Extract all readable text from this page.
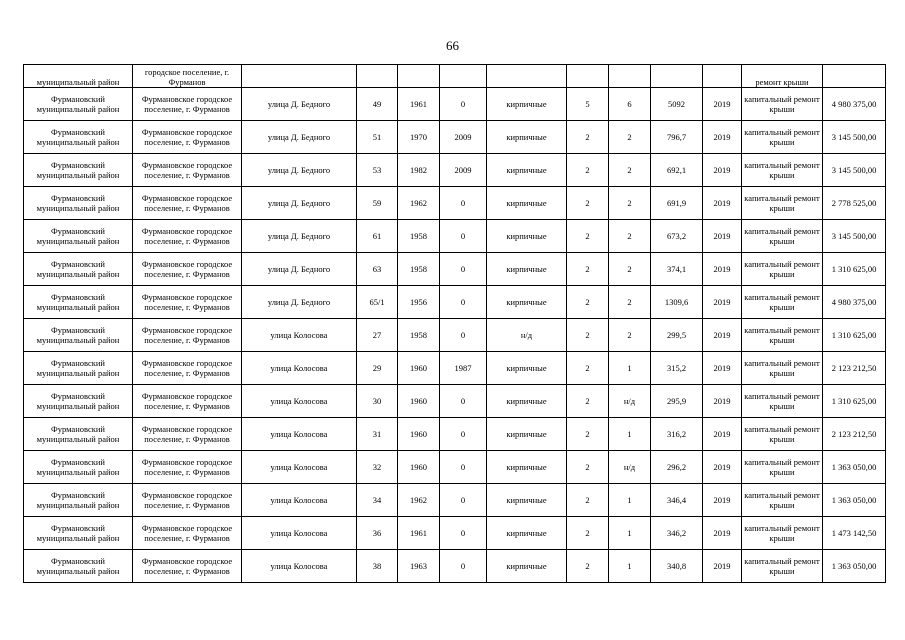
66
муниципальный район	городское поселение, г. Фурманов										ремонт крыши	
Фурмановский муниципальный район	Фурмановское городское поселение, г. Фурманов	улица Д. Бедного	49	1961	0	кирпичные	5	6	5092	2019	капитальный ремонт крыши	4 980 375,00
Фурмановский муниципальный район	Фурмановское городское поселение, г. Фурманов	улица Д. Бедного	51	1970	2009	кирпичные	2	2	796,7	2019	капитальный ремонт крыши	3 145 500,00
Фурмановский муниципальный район	Фурмановское городское поселение, г. Фурманов	улица Д. Бедного	53	1982	2009	кирпичные	2	2	692,1	2019	капитальный ремонт крыши	3 145 500,00
Фурмановский муниципальный район	Фурмановское городское поселение, г. Фурманов	улица Д. Бедного	59	1962	0	кирпичные	2	2	691,9	2019	капитальный ремонт крыши	2 778 525,00
Фурмановский муниципальный район	Фурмановское городское поселение, г. Фурманов	улица Д. Бедного	61	1958	0	кирпичные	2	2	673,2	2019	капитальный ремонт крыши	3 145 500,00
Фурмановский муниципальный район	Фурмановское городское поселение, г. Фурманов	улица Д. Бедного	63	1958	0	кирпичные	2	2	374,1	2019	капитальный ремонт крыши	1 310 625,00
Фурмановский муниципальный район	Фурмановское городское поселение, г. Фурманов	улица Д. Бедного	65/1	1956	0	кирпичные	2	2	1309,6	2019	капитальный ремонт крыши	4 980 375,00
Фурмановский муниципальный район	Фурмановское городское поселение, г. Фурманов	улица Колосова	27	1958	0	н/д	2	2	299,5	2019	капитальный ремонт крыши	1 310 625,00
Фурмановский муниципальный район	Фурмановское городское поселение, г. Фурманов	улица Колосова	29	1960	1987	кирпичные	2	1	315,2	2019	капитальный ремонт крыши	2 123 212,50
Фурмановский муниципальный район	Фурмановское городское поселение, г. Фурманов	улица Колосова	30	1960	0	кирпичные	2	н/д	295,9	2019	капитальный ремонт крыши	1 310 625,00
Фурмановский муниципальный район	Фурмановское городское поселение, г. Фурманов	улица Колосова	31	1960	0	кирпичные	2	1	316,2	2019	капитальный ремонт крыши	2 123 212,50
Фурмановский муниципальный район	Фурмановское городское поселение, г. Фурманов	улица Колосова	32	1960	0	кирпичные	2	н/д	296,2	2019	капитальный ремонт крыши	1 363 050,00
Фурмановский муниципальный район	Фурмановское городское поселение, г. Фурманов	улица Колосова	34	1962	0	кирпичные	2	1	346,4	2019	капитальный ремонт крыши	1 363 050,00
Фурмановский муниципальный район	Фурмановское городское поселение, г. Фурманов	улица Колосова	36	1961	0	кирпичные	2	1	346,2	2019	капитальный ремонт крыши	1 473 142,50
Фурмановский муниципальный район	Фурмановское городское поселение, г. Фурманов	улица Колосова	38	1963	0	кирпичные	2	1	340,8	2019	капитальный ремонт крыши	1 363 050,00
